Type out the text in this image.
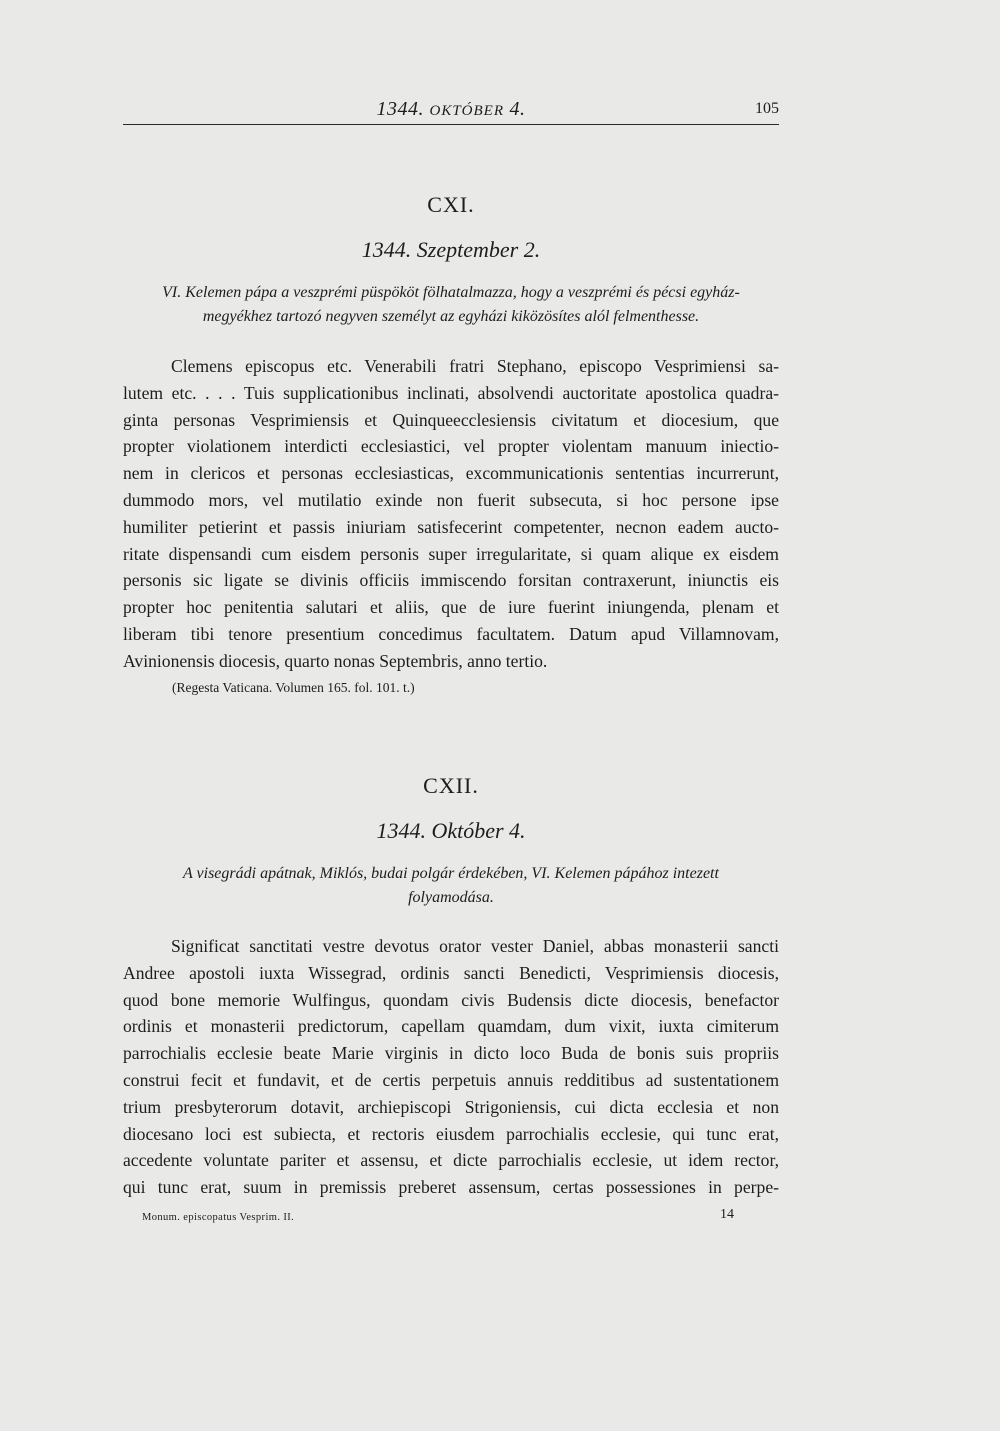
1344. OKTÓBER 4.	105
CXI.
1344. Szeptember 2.
VI. Kelemen pápa a veszprémi püspököt fölhatalmazza, hogy a veszprémi és pécsi egyház-
megyékhez tartozó negyven személyt az egyházi kiközösítes alól felmenthesse.
Clemens episcopus etc. Venerabili fratri Stephano, episcopo Vesprimiensi sa-
lutem etc. . . . Tuis supplicationibus inclinati, absolvendi auctoritate apostolica quadra-
ginta personas Vesprimiensis et Quinqueecclesiensis civitatum et diocesium, que
propter violationem interdicti ecclesiastici, vel propter violentam manuum iniectio-
nem in clericos et personas ecclesiasticas, excommunicationis sententias incurrerunt,
dummodo mors, vel mutilatio exinde non fuerit subsecuta, si hoc persone ipse
humiliter petierint et passis iniuriam satisfecerint competenter, necnon eadem aucto-
ritate dispensandi cum eisdem personis super irregularitate, si quam alique ex eisdem
personis sic ligate se divinis officiis immiscendo forsitan contraxerunt, iniunctis eis
propter hoc penitentia salutari et aliis, que de iure fuerint iniungenda, plenam et
liberam tibi tenore presentium concedimus facultatem. Datum apud Villamnovam,
Avinionensis diocesis, quarto nonas Septembris, anno tertio.
(Regesta Vaticana. Volumen 165. fol. 101. t.)
CXII.
1344. Október 4.
A visegrádi apátnak, Miklós, budai polgár érdekében, VI. Kelemen pápához intezett
folyamodása.
Significat sanctitati vestre devotus orator vester Daniel, abbas monasterii sancti
Andree apostoli iuxta Wissegrad, ordinis sancti Benedicti, Vesprimiensis diocesis,
quod bone memorie Wulfingus, quondam civis Budensis dicte diocesis, benefactor
ordinis et monasterii predictorum, capellam quamdam, dum vixit, iuxta cimiterum
parrochialis ecclesie beate Marie virginis in dicto loco Buda de bonis suis propriis
construi fecit et fundavit, et de certis perpetuis annuis redditibus ad sustentationem
trium presbyterorum dotavit, archiepiscopi Strigoniensis, cui dicta ecclesia et non
diocesano loci est subiecta, et rectoris eiusdem parrochialis ecclesie, qui tunc erat,
accedente voluntate pariter et assensu, et dicte parrochialis ecclesie, ut idem rector,
qui tunc erat, suum in premissis preberet assensum, certas possessiones in perpe-
Monum. episcopatus Vesprim. II.	14
